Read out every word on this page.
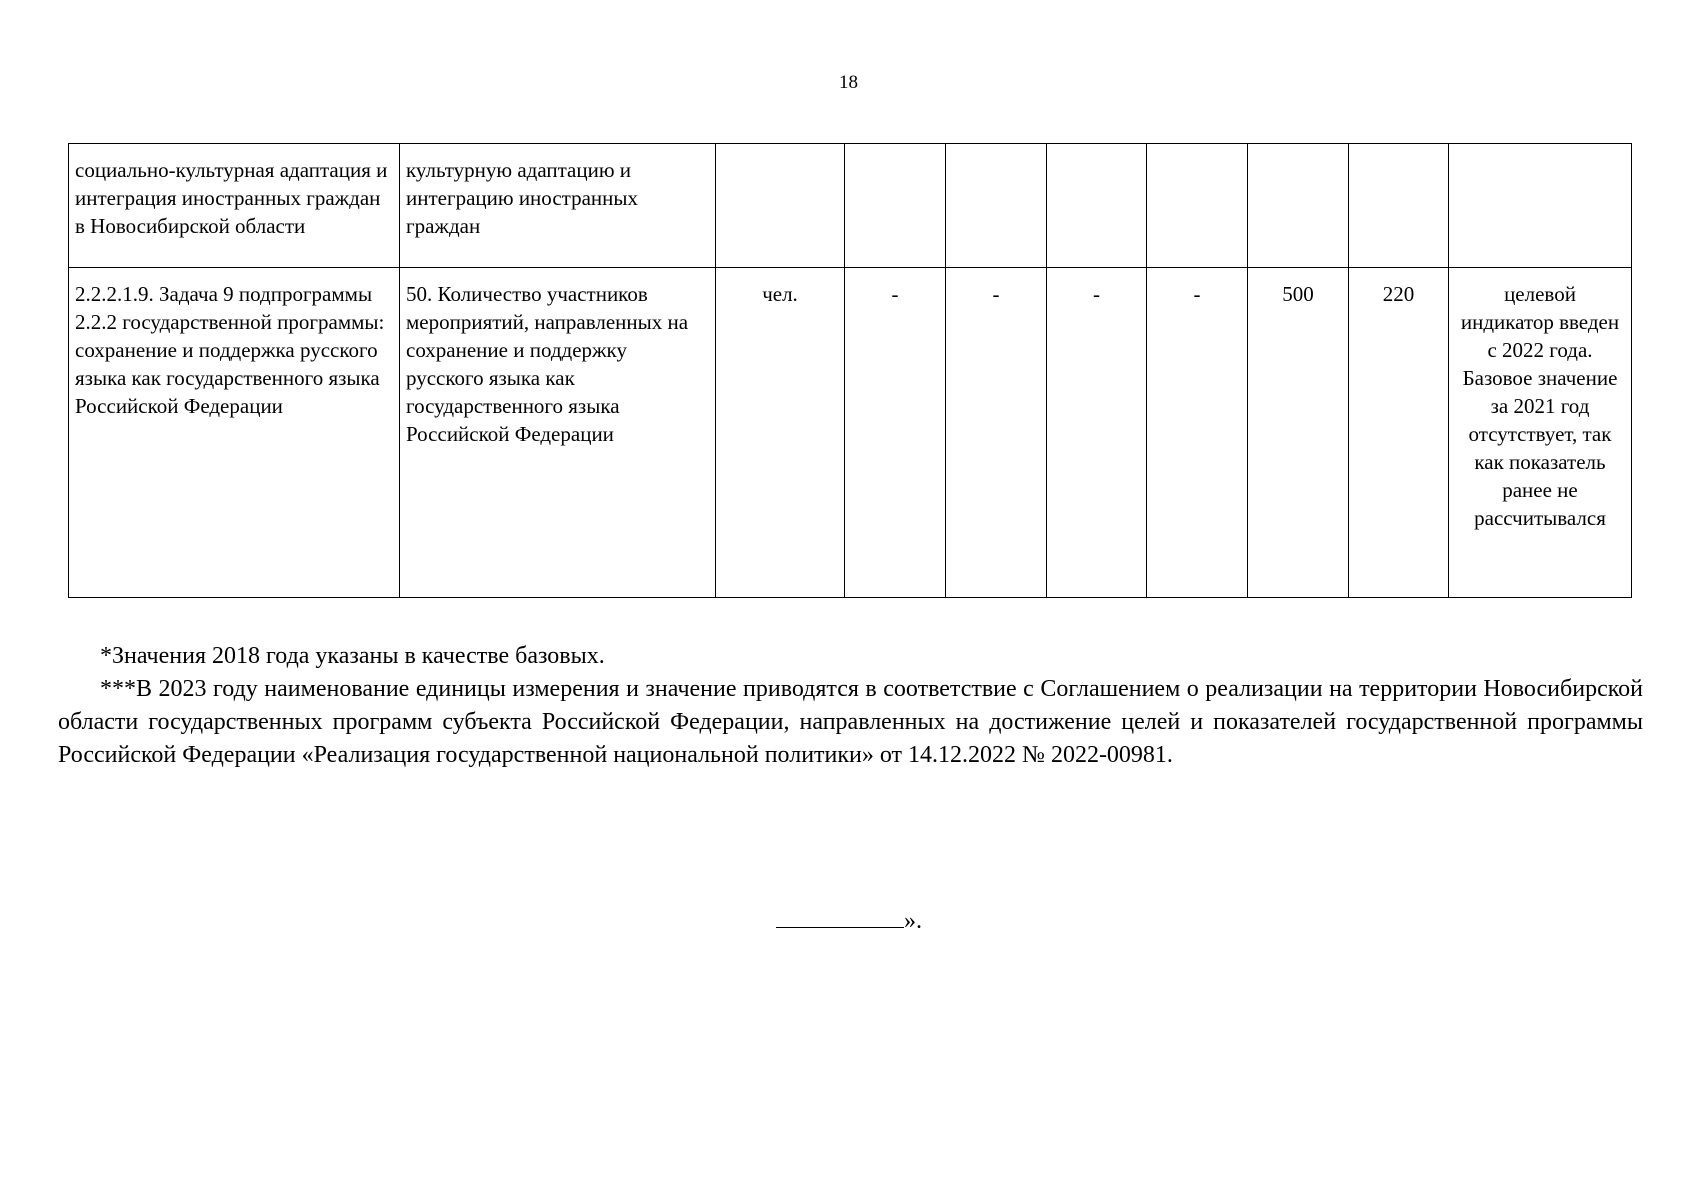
18
социально-культурная адаптация и интеграция иностранных граждан в Новосибирской области	культурную адаптацию и интеграцию иностранных граждан								
2.2.2.1.9. Задача 9 подпрограммы 2.2.2 государственной программы: сохранение и поддержка русского языка как государственного языка Российской Федерации	50. Количество участников мероприятий, направленных на сохранение и поддержку русского языка как государственного языка Российской Федерации	чел.	-	-	-	-	500	220	целевой индикатор введен с 2022 года. Базовое значение за 2021 год отсутствует, так как показатель ранее не рассчитывался

*Значения 2018 года указаны в качестве базовых.

***В 2023 году наименование единицы измерения и значение приводятся в соответствие с Соглашением о реализации на территории Новосибирской области государственных программ субъекта Российской Федерации, направленных на достижение целей и показателей государственной программы Российской Федерации «Реализация государственной национальной политики» от 14.12.2022 № 2022-00981.

».
